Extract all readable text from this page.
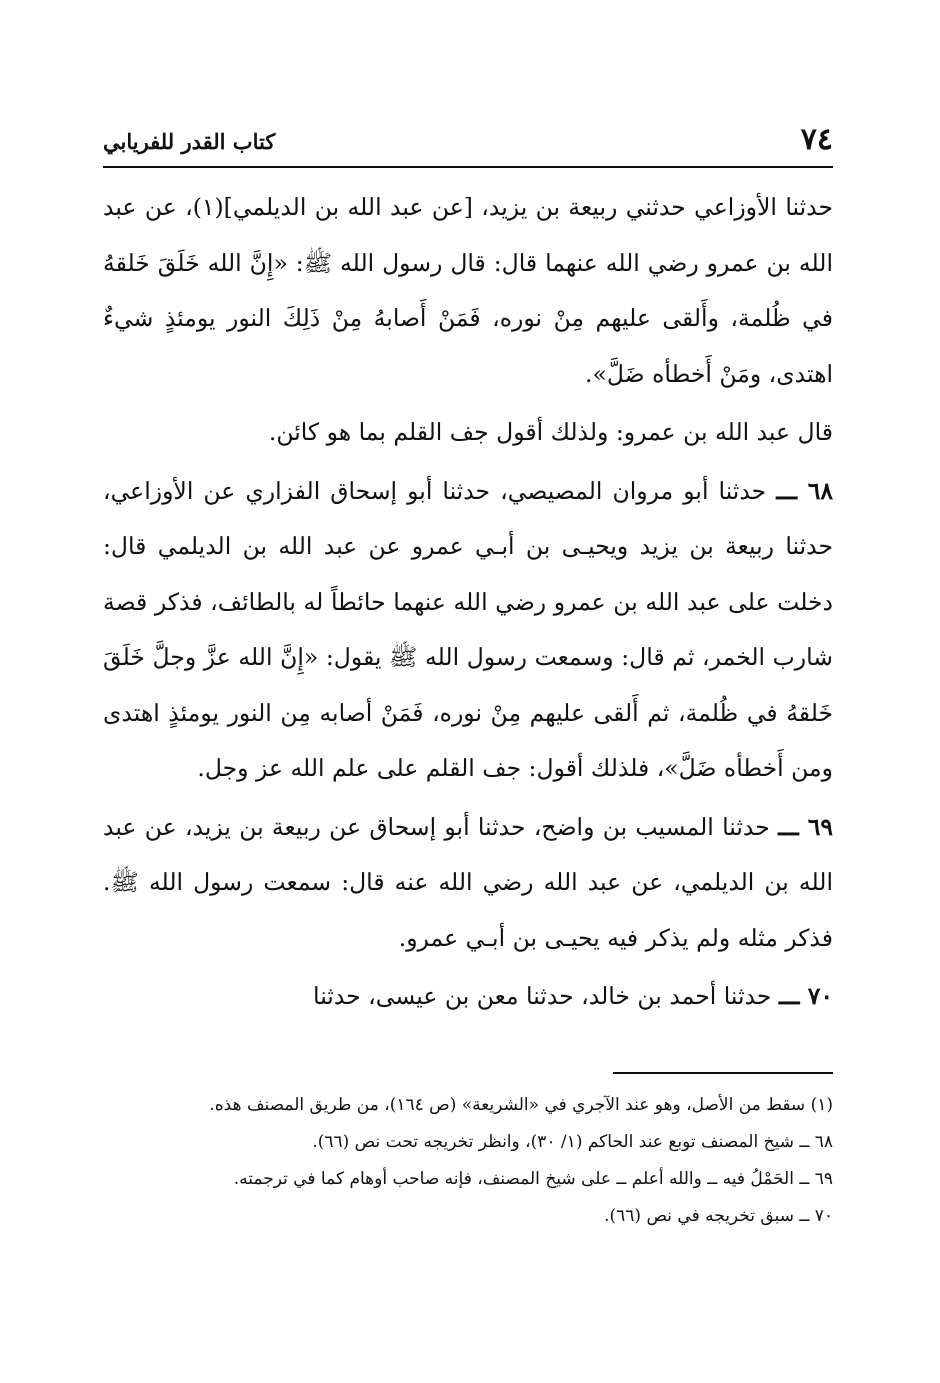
٧٤
كتاب القدر للفريابي

حدثنا الأوزاعي حدثني ربيعة بن يزيد، [عن عبد الله بن الديلمي](١)، عن عبد الله بن عمرو رضي الله عنهما قال: قال رسول الله ﷺ: «إِنَّ الله خَلَقَ خَلقهُ في ظُلمة، وأَلقى عليهم مِنْ نوره، فَمَنْ أَصابهُ مِنْ ذَلِكَ النور يومئذٍ شيءٌ اهتدى، ومَنْ أَخطأه ضَلَّ».

قال عبد الله بن عمرو: ولذلك أقول جف القلم بما هو كائن.

٦٨ ـــ حدثنا أبو مروان المصيصي، حدثنا أبو إسحاق الفزاري عن الأوزاعي، حدثنا ربيعة بن يزيد ويحيـى بن أبـي عمرو عن عبد الله بن الديلمي قال: دخلت على عبد الله بن عمرو رضي الله عنهما حائطاً له بالطائف، فذكر قصة شارب الخمر، ثم قال: وسمعت رسول الله ﷺ يقول: «إِنَّ الله عزَّ وجلَّ خَلَقَ خَلقهُ في ظُلمة، ثم أَلقى عليهم مِنْ نوره، فَمَنْ أصابه مِن النور يومئذٍ اهتدى ومن أَخطأه ضَلَّ»، فلذلك أقول: جف القلم على علم الله عز وجل.

٦٩ ـــ حدثنا المسيب بن واضح، حدثنا أبو إسحاق عن ربيعة بن يزيد، عن عبد الله بن الديلمي، عن عبد الله رضي الله عنه قال: سمعت رسول الله ﷺ. فذكر مثله ولم يذكر فيه يحيـى بن أبـي عمرو.

٧٠ ـــ حدثنا أحمد بن خالد، حدثنا معن بن عيسى، حدثنا

(١) سقط من الأصل، وهو عند الآجري في «الشريعة» (ص ١٦٤)، من طريق المصنف هذه.

٦٨ ــ شيخ المصنف توبع عند الحاكم (١/ ٣٠)، وانظر تخريجه تحت نص (٦٦).

٦٩ ــ الحَمْلُ فيه ــ والله أعلم ــ على شيخ المصنف، فإنه صاحب أوهام كما في ترجمته.

٧٠ ــ سبق تخريجه في نص (٦٦).
